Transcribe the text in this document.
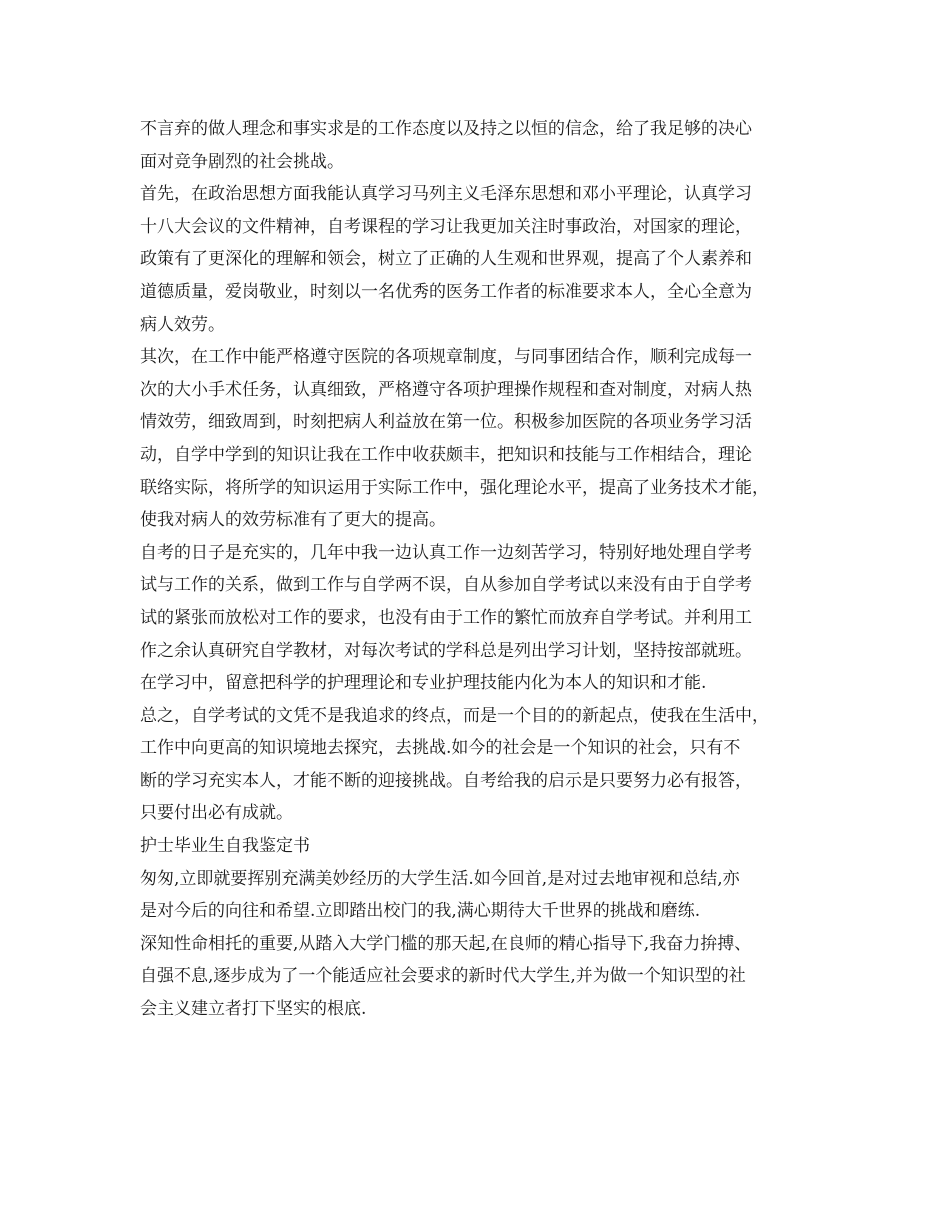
不言弃的做人理念和事实求是的工作态度以及持之以恒的信念，给了我足够的决心
面对竞争剧烈的社会挑战。

首先，在政治思想方面我能认真学习马列主义毛泽东思想和邓小平理论，认真学习
十八大会议的文件精神，自考课程的学习让我更加关注时事政治，对国家的理论，
政策有了更深化的理解和领会，树立了正确的人生观和世界观，提高了个人素养和
道德质量，爱岗敬业，时刻以一名优秀的医务工作者的标准要求本人，全心全意为
病人效劳。

其次，在工作中能严格遵守医院的各项规章制度，与同事团结合作，顺利完成每一
次的大小手术任务，认真细致，严格遵守各项护理操作规程和查对制度，对病人热
情效劳，细致周到，时刻把病人利益放在第一位。积极参加医院的各项业务学习活
动，自学中学到的知识让我在工作中收获颇丰，把知识和技能与工作相结合，理论
联络实际，将所学的知识运用于实际工作中，强化理论水平，提高了业务技术才能，
使我对病人的效劳标准有了更大的提高。

自考的日子是充实的，几年中我一边认真工作一边刻苦学习，特别好地处理自学考
试与工作的关系，做到工作与自学两不误，自从参加自学考试以来没有由于自学考
试的紧张而放松对工作的要求，也没有由于工作的繁忙而放弃自学考试。并利用工
作之余认真研究自学教材，对每次考试的学科总是列出学习计划，坚持按部就班。

在学习中，留意把科学的护理理论和专业护理技能内化为本人的知识和才能.

总之，自学考试的文凭不是我追求的终点，而是一个目的的新起点，使我在生活中，
工作中向更高的知识境地去探究，去挑战.如今的社会是一个知识的社会，只有不
断的学习充实本人，才能不断的迎接挑战。自考给我的启示是只要努力必有报答，
只要付出必有成就。

护士毕业生自我鉴定书

匆匆,立即就要挥别充满美妙经历的大学生活.如今回首,是对过去地审视和总结,亦
是对今后的向往和希望.立即踏出校门的我,满心期待大千世界的挑战和磨练.

深知性命相托的重要,从踏入大学门槛的那天起,在良师的精心指导下,我奋力拚搏、
自强不息,逐步成为了一个能适应社会要求的新时代大学生,并为做一个知识型的社
会主义建立者打下坚实的根底.
